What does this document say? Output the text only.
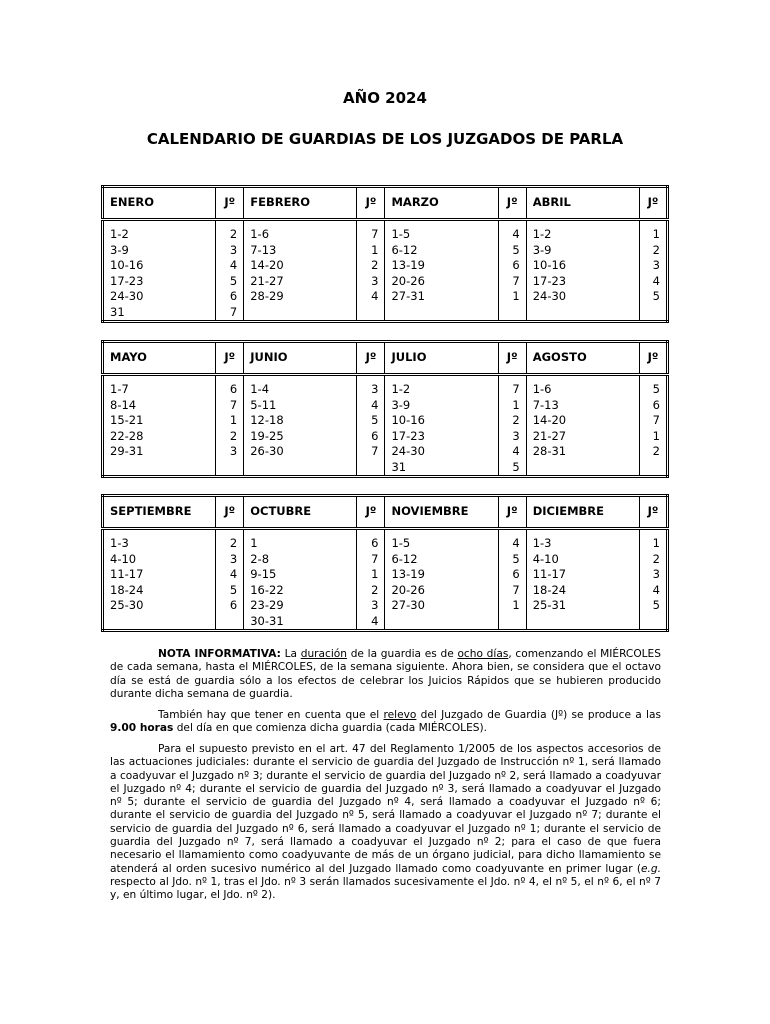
AÑO 2024
CALENDARIO DE GUARDIAS DE LOS JUZGADOS DE PARLA
ENERO	Jº	FEBRERO	Jº	MARZO	Jº	ABRIL	Jº

1-2	2	1-6	7	1-5	4	1-2	1
3-9	3	7-13	1	6-12	5	3-9	2
10-16	4	14-20	2	13-19	6	10-16	3
17-23	5	21-27	3	20-26	7	17-23	4
24-30	6	28-29	4	27-31	1	24-30	5
31	7						
MAYO	Jº	JUNIO	Jº	JULIO	Jº	AGOSTO	Jº

1-7	6	1-4	3	1-2	7	1-6	5
8-14	7	5-11	4	3-9	1	7-13	6
15-21	1	12-18	5	10-16	2	14-20	7
22-28	2	19-25	6	17-23	3	21-27	1
29-31	3	26-30	7	24-30	4	28-31	2
				31	5		
SEPTIEMBRE	Jº	OCTUBRE	Jº	NOVIEMBRE	Jº	DICIEMBRE	Jº

1-3	2	1	6	1-5	4	1-3	1
4-10	3	2-8	7	6-12	5	4-10	2
11-17	4	9-15	1	13-19	6	11-17	3
18-24	5	16-22	2	20-26	7	18-24	4
25-30	6	23-29	3	27-30	1	25-31	5
		30-31	4				

NOTA INFORMATIVA: La duración de la guardia es de ocho días, comenzando el MIÉRCOLES de cada semana, hasta el MIÉRCOLES, de la semana siguiente. Ahora bien, se considera que el octavo día se está de guardia sólo a los efectos de celebrar los Juicios Rápidos que se hubieren producido durante dicha semana de guardia.

También hay que tener en cuenta que el relevo del Juzgado de Guardia (Jº) se produce a las 9.00 horas del día en que comienza dicha guardia (cada MIÉRCOLES).

Para el supuesto previsto en el art. 47 del Reglamento 1/2005 de los aspectos accesorios de las actuaciones judiciales: durante el servicio de guardia del Juzgado de Instrucción nº 1, será llamado a coadyuvar el Juzgado nº 3; durante el servicio de guardia del Juzgado nº 2, será llamado a coadyuvar el Juzgado nº 4; durante el servicio de guardia del Juzgado nº 3, será llamado a coadyuvar el Juzgado nº 5; durante el servicio de guardia del Juzgado nº 4, será llamado a coadyuvar el Juzgado nº 6; durante el servicio de guardia del Juzgado nº 5, será llamado a coadyuvar el Juzgado nº 7; durante el servicio de guardia del Juzgado nº 6, será llamado a coadyuvar el Juzgado nº 1; durante el servicio de guardia del Juzgado nº 7, será llamado a coadyuvar el Juzgado nº 2; para el caso de que fuera necesario el llamamiento como coadyuvante de más de un órgano judicial, para dicho llamamiento se atenderá al orden sucesivo numérico al del Juzgado llamado como coadyuvante en primer lugar (e.g. respecto al Jdo. nº 1, tras el Jdo. nº 3 serán llamados sucesivamente el Jdo. nº 4, el nº 5, el nº 6, el nº 7 y, en último lugar, el Jdo. nº 2).
